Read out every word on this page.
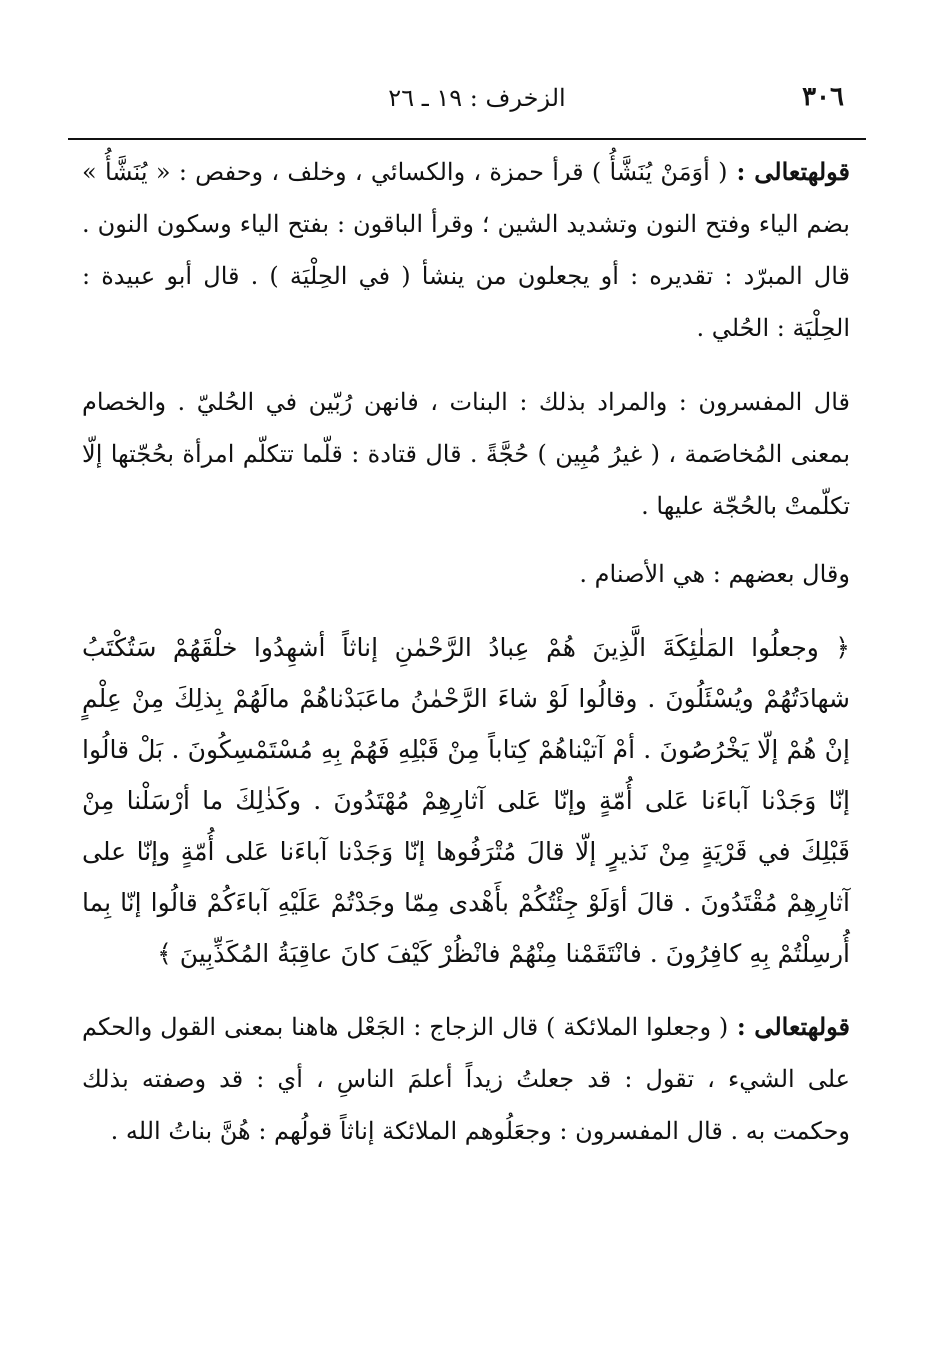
٣٠٦
الزخرف : ١٩ ـ ٢٦

قولهتعالى : ( أوَمَنْ يُنَشَّأُ ) قرأ حمزة ، والكسائي ، وخلف ، وحفص : « يُنَشَّأُ » بضم الياء وفتح النون وتشديد الشين ؛ وقرأ الباقون : بفتح الياء وسكون النون . قال المبرّد : تقديره : أو يجعلون من ينشأ ( في الحِلْيَة ) . قال أبو عبيدة : الحِلْيَة : الحُلي .

قال المفسرون : والمراد بذلك : البنات ، فانهن رُبّين في الحُليّ . والخصام بمعنى المُخاصَمة ، ( غيرُ مُبِين ) حُجَّةً . قال قتادة : قلّما تتكلّم امرأة بحُجّتها إلّا تكلّمتْ بالحُجّة عليها .

وقال بعضهم : هي الأصنام .

﴿ وجعلُوا المَلٰئِكَةَ الَّذِينَ هُمْ عِبادُ الرَّحْمٰنِ إناثاً أشهِدُوا خلْقَهُمْ سَتُكْتَبُ شهادَتُهُمْ ويُسْئَلُونَ . وقالُوا لَوْ شاءَ الرَّحْمٰنُ ماعَبَدْناهُمْ مالَهُمْ بِذلِكَ مِنْ عِلْمٍ إنْ هُمْ إلّا يَخْرُصُونَ . أمْ آتيْناهُمْ كِتاباً مِنْ قَبْلِهِ فَهُمْ بِهِ مُسْتَمْسِكُونَ . بَلْ قالُوا إنّا وَجَدْنا آباءَنا عَلى أُمّةٍ وإنّا عَلى آثارِهِمْ مُهْتَدُونَ . وكَذٰلِكَ ما أرْسَلْنا مِنْ قَبْلِكَ في قَرْيَةٍ مِنْ نَذيرٍ إلّا قالَ مُتْرَفُوها إنّا وَجَدْنا آباءَنا عَلى أُمّةٍ وإنّا على آثارِهِمْ مُقْتَدُونَ . قالَ أوَلَوْ جِئْتُكُمْ بأَهْدى مِمّا وجَدْتُمْ عَلَيْهِ آباءَكُمْ قالُوا إنّا بِما أُرسِلْتُمْ بِهِ كافِرُونَ . فانْتَقَمْنا مِنْهُمْ فانْظُرْ كَيْفَ كانَ عاقِبَةُ المُكَذِّبِينَ ﴾

قولهتعالى : ( وجعلوا الملائكة ) قال الزجاج : الجَعْل هاهنا بمعنى القول والحكم على الشيء ، تقول : قد جعلتُ زيداً أعلمَ الناسِ ، أي : قد وصفته بذلك وحكمت به . قال المفسرون : وجعَلُوهم الملائكة إناثاً قولُهم : هُنَّ بناتُ الله .
